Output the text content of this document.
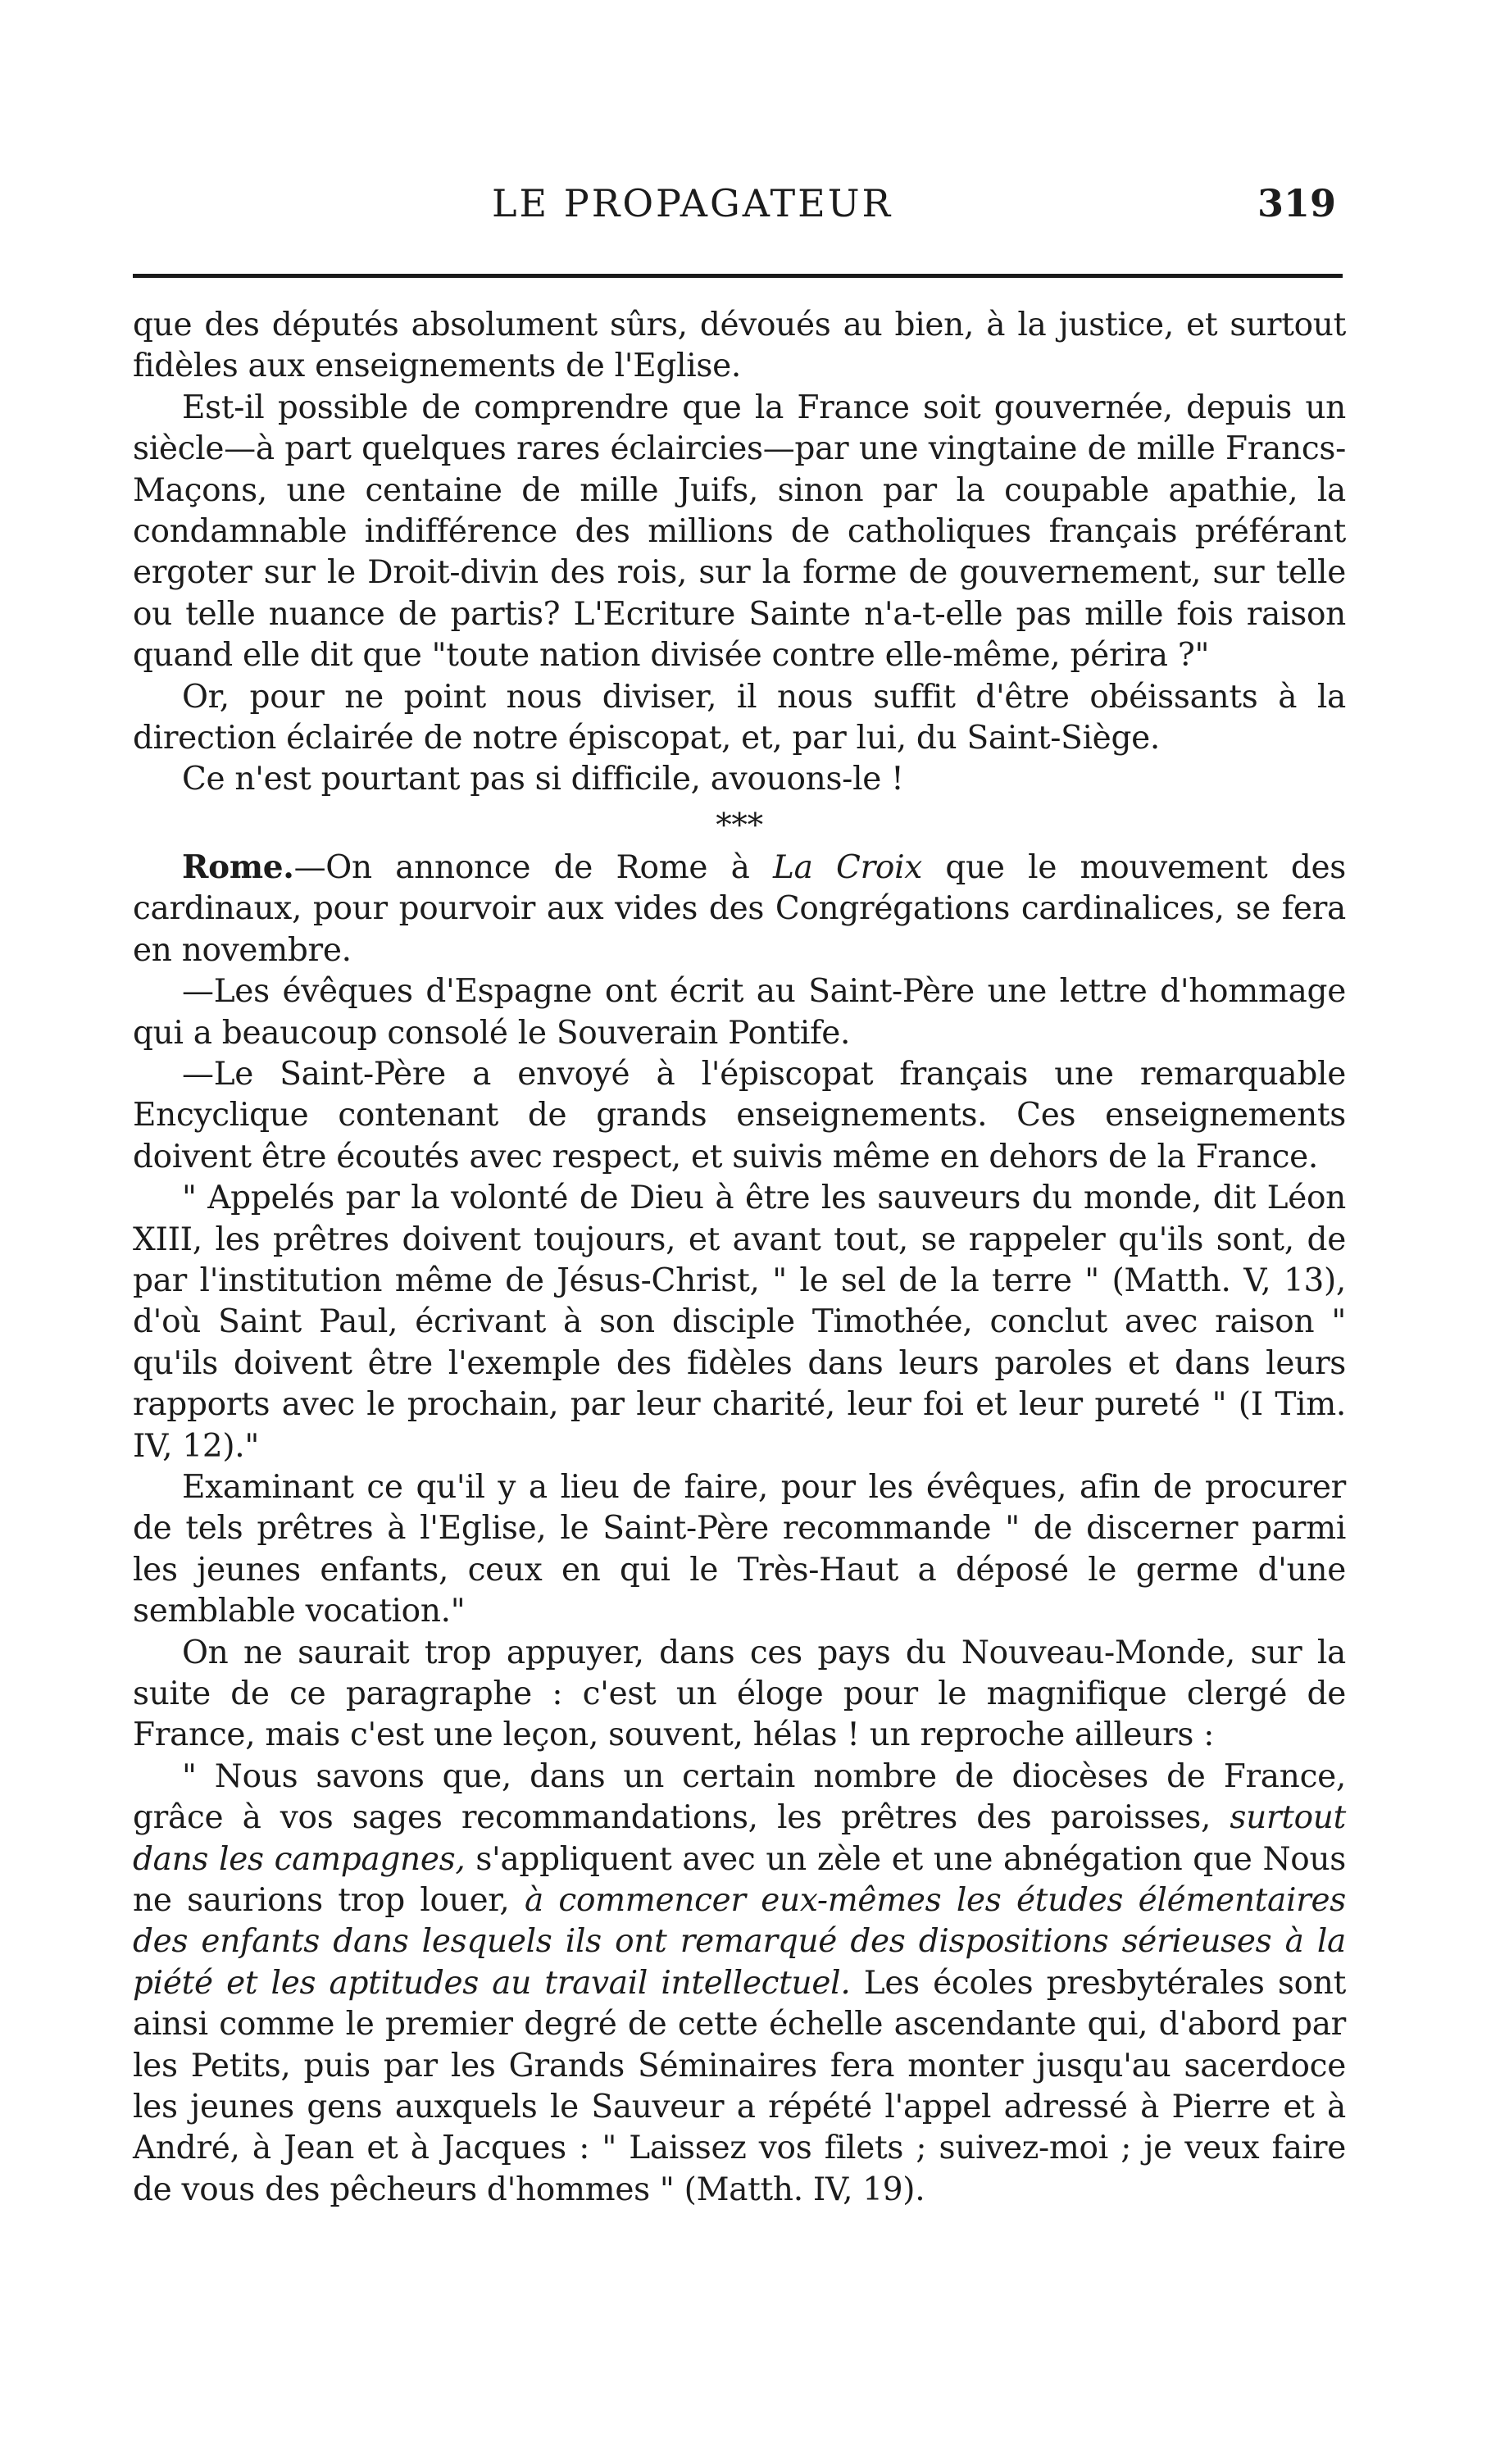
LE PROPAGATEUR	319

que des députés absolument sûrs, dévoués au bien, à la justice, et surtout fidèles aux enseignements de l'Eglise.

Est-il possible de comprendre que la France soit gouvernée, depuis un siècle—à part quelques rares éclaircies—par une vingtaine de mille Francs-Maçons, une centaine de mille Juifs, sinon par la coupable apathie, la condamnable indifférence des millions de catholiques français préférant ergoter sur le Droit-divin des rois, sur la forme de gouvernement, sur telle ou telle nuance de partis? L'Ecriture Sainte n'a-t-elle pas mille fois raison quand elle dit que "toute nation divisée contre elle-même, périra ?"

Or, pour ne point nous diviser, il nous suffit d'être obéissants à la direction éclairée de notre épiscopat, et, par lui, du Saint-Siège.

Ce n'est pourtant pas si difficile, avouons-le !

***

Rome.—On annonce de Rome à La Croix que le mouvement des cardinaux, pour pourvoir aux vides des Congrégations cardinalices, se fera en novembre.

—Les évêques d'Espagne ont écrit au Saint-Père une lettre d'hommage qui a beaucoup consolé le Souverain Pontife.

—Le Saint-Père a envoyé à l'épiscopat français une remarquable Encyclique contenant de grands enseignements. Ces enseignements doivent être écoutés avec respect, et suivis même en dehors de la France.

" Appelés par la volonté de Dieu à être les sauveurs du monde, dit Léon XIII, les prêtres doivent toujours, et avant tout, se rappeler qu'ils sont, de par l'institution même de Jésus-Christ, " le sel de la terre " (Matth. V, 13), d'où Saint Paul, écrivant à son disciple Timothée, conclut avec raison " qu'ils doivent être l'exemple des fidèles dans leurs paroles et dans leurs rapports avec le prochain, par leur charité, leur foi et leur pureté " (I Tim. IV, 12)."

Examinant ce qu'il y a lieu de faire, pour les évêques, afin de procurer de tels prêtres à l'Eglise, le Saint-Père recommande " de discerner parmi les jeunes enfants, ceux en qui le Très-Haut a déposé le germe d'une semblable vocation."

On ne saurait trop appuyer, dans ces pays du Nouveau-Monde, sur la suite de ce paragraphe : c'est un éloge pour le magnifique clergé de France, mais c'est une leçon, souvent, hélas ! un reproche ailleurs :

" Nous savons que, dans un certain nombre de diocèses de France, grâce à vos sages recommandations, les prêtres des paroisses, surtout dans les campagnes, s'appliquent avec un zèle et une abnégation que Nous ne saurions trop louer, à commencer eux-mêmes les études élémentaires des enfants dans lesquels ils ont remarqué des dispositions sérieuses à la piété et les aptitudes au travail intellectuel. Les écoles presbytérales sont ainsi comme le premier degré de cette échelle ascendante qui, d'abord par les Petits, puis par les Grands Séminaires fera monter jusqu'au sacerdoce les jeunes gens auxquels le Sauveur a répété l'appel adressé à Pierre et à André, à Jean et à Jacques : " Laissez vos filets ; suivez-moi ; je veux faire de vous des pêcheurs d'hommes " (Matth. IV, 19).
